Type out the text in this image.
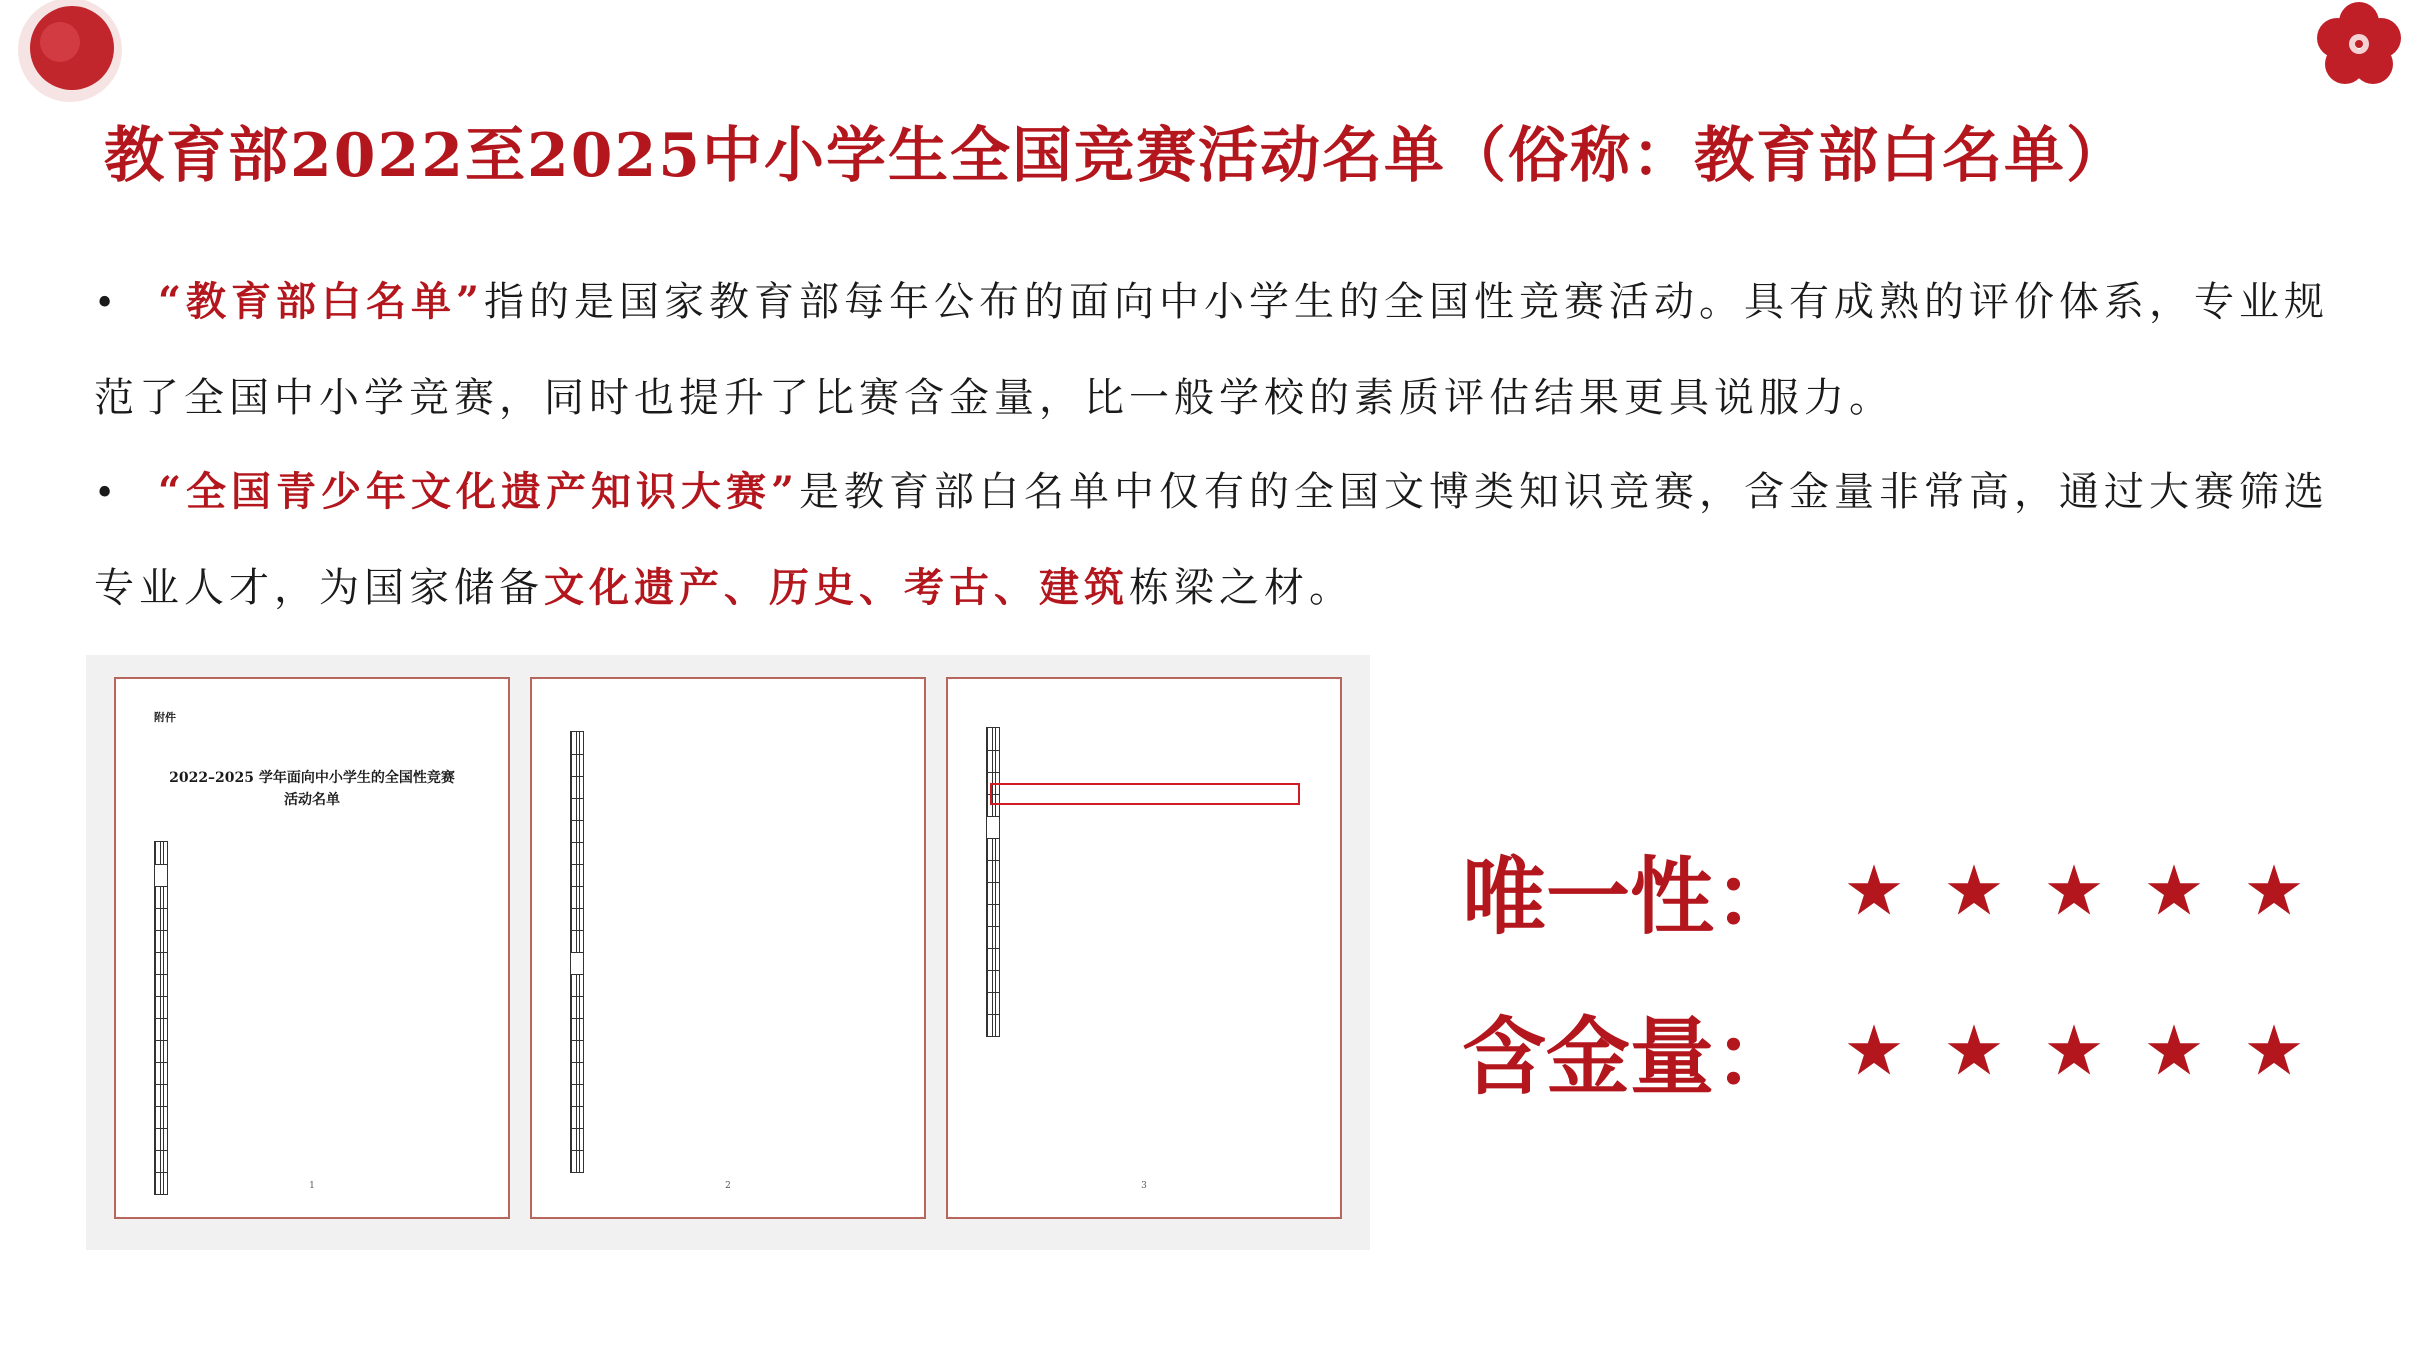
教育部2022至2025中小学生全国竞赛活动名单（俗称：教育部白名单）
• “教育部白名单”指的是国家教育部每年公布的面向中小学生的全国性竞赛活动。具有成熟的评价体系，专业规范了全国中小学竞赛，同时也提升了比赛含金量，比一般学校的素质评估结果更具说服力。
• “全国青少年文化遗产知识大赛”是教育部白名单中仅有的全国文博类知识竞赛，含金量非常高，通过大赛筛选专业人才，为国家储备文化遗产、历史、考古、建筑栋梁之材。
附件
2022–2025 学年面向中小学生的全国性竞赛
活动名单

1

				2

				3
唯一性：
含金量：
